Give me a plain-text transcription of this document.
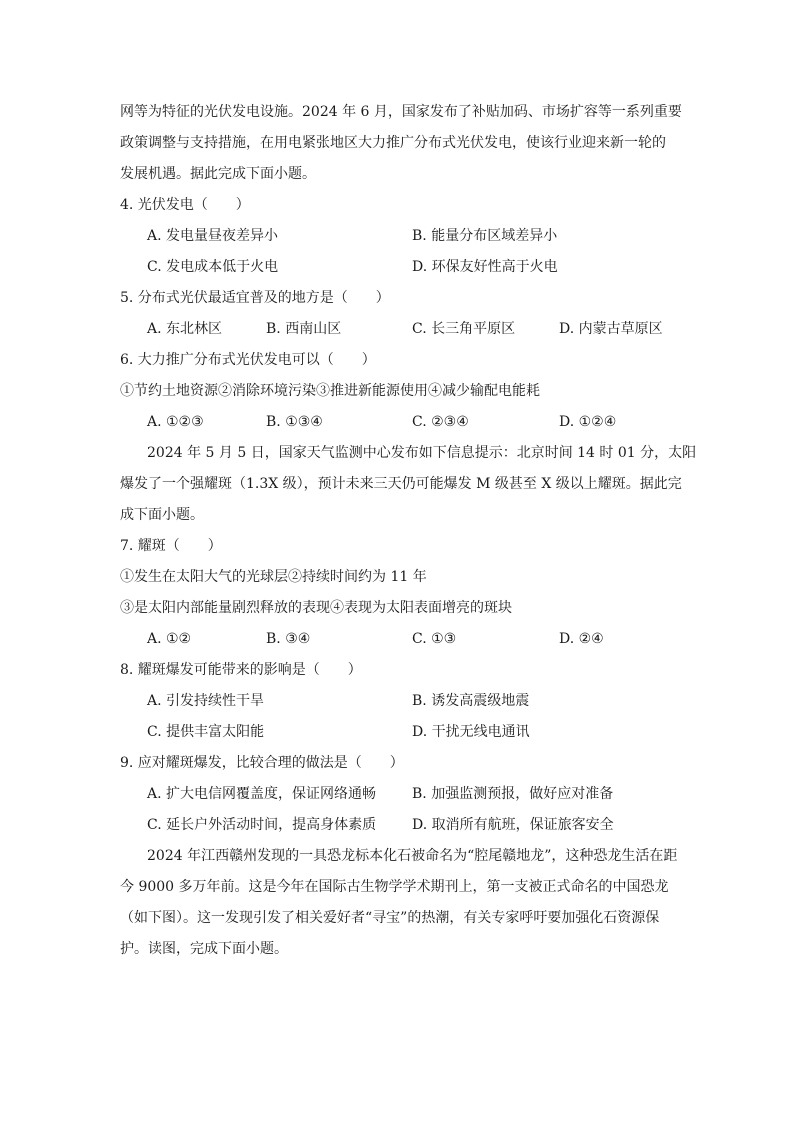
网等为特征的光伏发电设施。2024 年 6 月，国家发布了补贴加码、市场扩容等一系列重要
政策调整与支持措施，在用电紧张地区大力推广分布式光伏发电，使该行业迎来新一轮的
发展机遇。据此完成下面小题。
4. 光伏发电（　　）
A. 发电量昼夜差异小	B. 能量分布区域差异小
C. 发电成本低于火电	D. 环保友好性高于火电
5. 分布式光伏最适宜普及的地方是（　　）
A. 东北林区	B. 西南山区	C. 长三角平原区	D. 内蒙古草原区
6. 大力推广分布式光伏发电可以（　　）
①节约土地资源②消除环境污染③推进新能源使用④减少输配电能耗
A. ①②③	B. ①③④	C. ②③④	D. ①②④
2024 年 5 月 5 日，国家天气监测中心发布如下信息提示：北京时间 14 时 01 分，太阳
爆发了一个强耀斑（1.3X 级），预计未来三天仍可能爆发 M 级甚至 X 级以上耀斑。据此完
成下面小题。
7. 耀斑（　　）
①发生在太阳大气的光球层②持续时间约为 11 年
③是太阳内部能量剧烈释放的表现④表现为太阳表面增亮的斑块
A. ①②	B. ③④	C. ①③	D. ②④
8. 耀斑爆发可能带来的影响是（　　）
A. 引发持续性干旱	B. 诱发高震级地震
C. 提供丰富太阳能	D. 干扰无线电通讯
9. 应对耀斑爆发，比较合理的做法是（　　）
A. 扩大电信网覆盖度，保证网络通畅	B. 加强监测预报，做好应对准备
C. 延长户外活动时间，提高身体素质	D. 取消所有航班，保证旅客安全
2024 年江西赣州发现的一具恐龙标本化石被命名为“腔尾赣地龙”，这种恐龙生活在距
今 9000 多万年前。这是今年在国际古生物学学术期刊上，第一支被正式命名的中国恐龙
（如下图）。这一发现引发了相关爱好者“寻宝”的热潮，有关专家呼吁要加强化石资源保
护。读图，完成下面小题。
